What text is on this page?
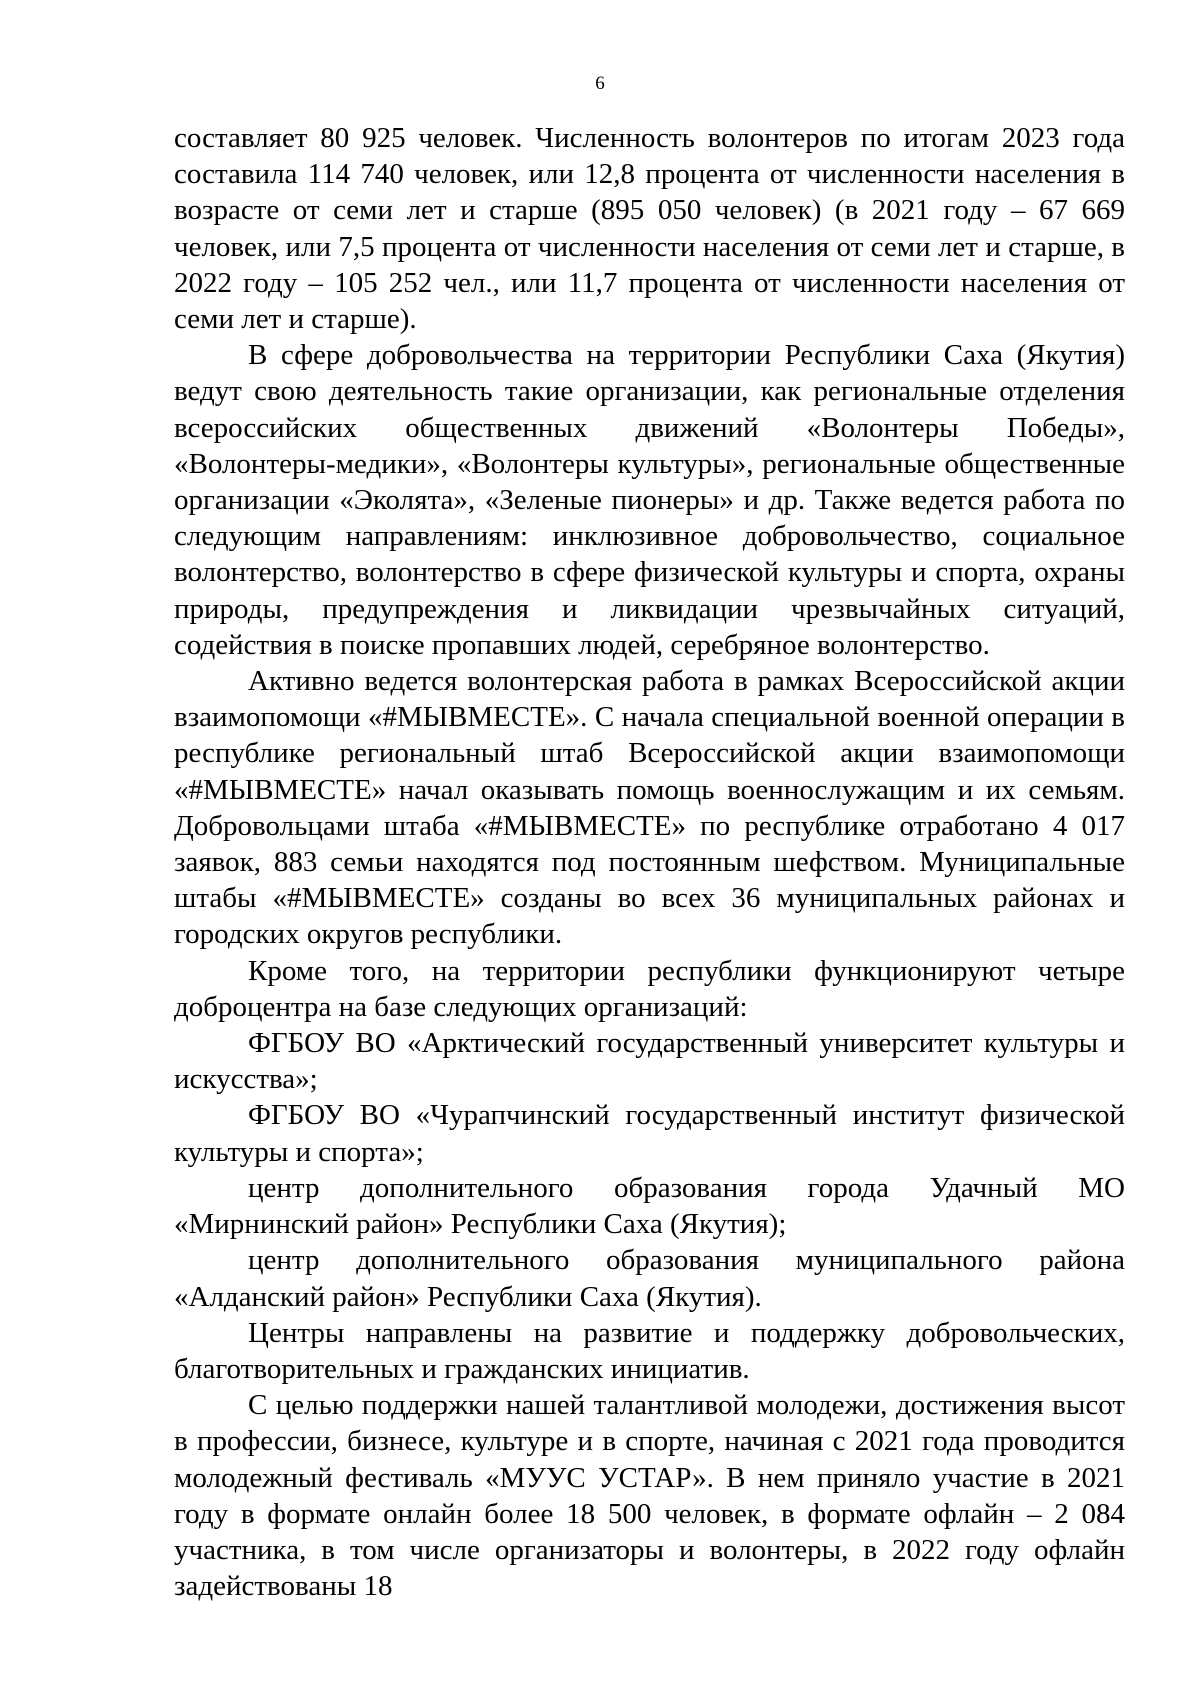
6

составляет 80 925 человек. Численность волонтеров по итогам 2023 года составила 114 740 человек, или 12,8 процента от численности населения в возрасте от семи лет и старше (895 050 человек) (в 2021 году – 67 669 человек, или 7,5 процента от численности населения от семи лет и старше, в 2022 году – 105 252 чел., или 11,7 процента от численности населения от семи лет и старше).

В сфере добровольчества на территории Республики Саха (Якутия) ведут свою деятельность такие организации, как региональные отделения всероссийских общественных движений «Волонтеры Победы», «Волонтеры-медики», «Волонтеры культуры», региональные общественные организации «Эколята», «Зеленые пионеры» и др. Также ведется работа по следующим направлениям: инклюзивное добровольчество, социальное волонтерство, волонтерство в сфере физической культуры и спорта, охраны природы, предупреждения и ликвидации чрезвычайных ситуаций, содействия в поиске пропавших людей, серебряное волонтерство.

Активно ведется волонтерская работа в рамках Всероссийской акции взаимопомощи «#МЫВМЕСТЕ». С начала специальной военной операции в республике региональный штаб Всероссийской акции взаимопомощи «#МЫВМЕСТЕ» начал оказывать помощь военнослужащим и их семьям. Добровольцами штаба «#МЫВМЕСТЕ» по республике отработано 4 017 заявок, 883 семьи находятся под постоянным шефством. Муниципальные штабы «#МЫВМЕСТЕ» созданы во всех 36 муниципальных районах и городских округов республики.

Кроме того, на территории республики функционируют четыре доброцентра на базе следующих организаций:

ФГБОУ ВО «Арктический государственный университет культуры и искусства»;

ФГБОУ ВО «Чурапчинский государственный институт физической культуры и спорта»;

центр дополнительного образования города Удачный МО «Мирнинский район» Республики Саха (Якутия);

центр дополнительного образования муниципального района «Алданский район» Республики Саха (Якутия).

Центры направлены на развитие и поддержку добровольческих, благотворительных и гражданских инициатив.

С целью поддержки нашей талантливой молодежи, достижения высот в профессии, бизнесе, культуре и в спорте, начиная с 2021 года проводится молодежный фестиваль «МУУС УСТАР». В нем приняло участие в 2021 году в формате онлайн более 18 500 человек, в формате офлайн – 2 084 участника, в том числе организаторы и волонтеры, в 2022 году офлайн задействованы 18
